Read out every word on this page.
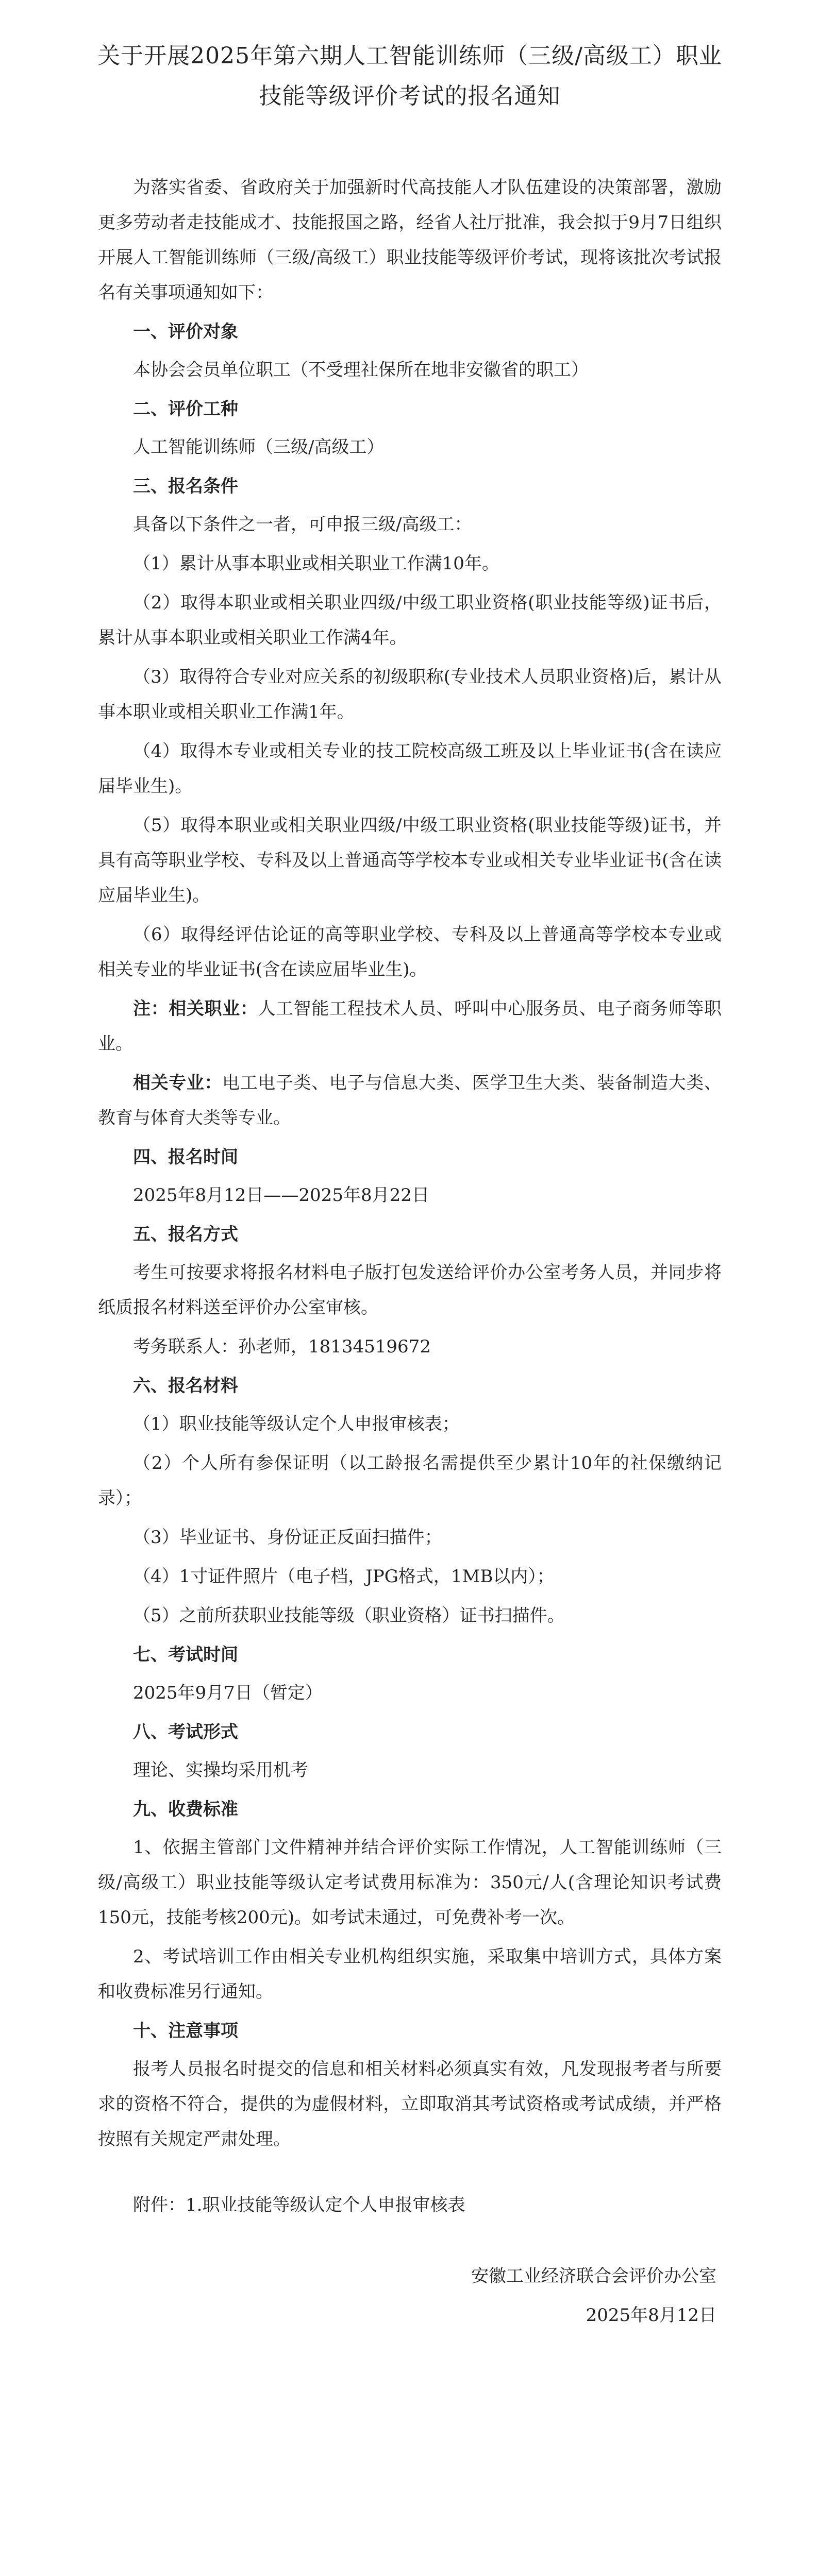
关于开展2025年第六期人工智能训练师（三级/高级工）职业技能等级评价考试的报名通知

为落实省委、省政府关于加强新时代高技能人才队伍建设的决策部署，激励更多劳动者走技能成才、技能报国之路，经省人社厅批准，我会拟于9月7日组织开展人工智能训练师（三级/高级工）职业技能等级评价考试，现将该批次考试报名有关事项通知如下：

一、评价对象

本协会会员单位职工（不受理社保所在地非安徽省的职工）

二、评价工种

人工智能训练师（三级/高级工）

三、报名条件

具备以下条件之一者，可申报三级/高级工：

（1）累计从事本职业或相关职业工作满10年。

（2）取得本职业或相关职业四级/中级工职业资格(职业技能等级)证书后，累计从事本职业或相关职业工作满4年。

（3）取得符合专业对应关系的初级职称(专业技术人员职业资格)后，累计从事本职业或相关职业工作满1年。

（4）取得本专业或相关专业的技工院校高级工班及以上毕业证书(含在读应届毕业生)。

（5）取得本职业或相关职业四级/中级工职业资格(职业技能等级)证书，并具有高等职业学校、专科及以上普通高等学校本专业或相关专业毕业证书(含在读应届毕业生)。

（6）取得经评估论证的高等职业学校、专科及以上普通高等学校本专业或相关专业的毕业证书(含在读应届毕业生)。

注：相关职业：人工智能工程技术人员、呼叫中心服务员、电子商务师等职业。

相关专业：电工电子类、电子与信息大类、医学卫生大类、装备制造大类、教育与体育大类等专业。

四、报名时间

2025年8月12日——2025年8月22日

五、报名方式

考生可按要求将报名材料电子版打包发送给评价办公室考务人员，并同步将纸质报名材料送至评价办公室审核。

考务联系人：孙老师，18134519672

六、报名材料

（1）职业技能等级认定个人申报审核表；

（2）个人所有参保证明（以工龄报名需提供至少累计10年的社保缴纳记录）；

（3）毕业证书、身份证正反面扫描件；

（4）1寸证件照片（电子档，JPG格式，1MB以内）；

（5）之前所获职业技能等级（职业资格）证书扫描件。

七、考试时间

2025年9月7日（暂定）

八、考试形式

理论、实操均采用机考

九、收费标准

1、依据主管部门文件精神并结合评价实际工作情况，人工智能训练师（三级/高级工）职业技能等级认定考试费用标准为：350元/人(含理论知识考试费150元，技能考核200元)。如考试未通过，可免费补考一次。

2、考试培训工作由相关专业机构组织实施，采取集中培训方式，具体方案和收费标准另行通知。

十、注意事项

报考人员报名时提交的信息和相关材料必须真实有效，凡发现报考者与所要求的资格不符合，提供的为虚假材料，立即取消其考试资格或考试成绩，并严格按照有关规定严肃处理。

附件：1.职业技能等级认定个人申报审核表

安徽工业经济联合会评价办公室

2025年8月12日
